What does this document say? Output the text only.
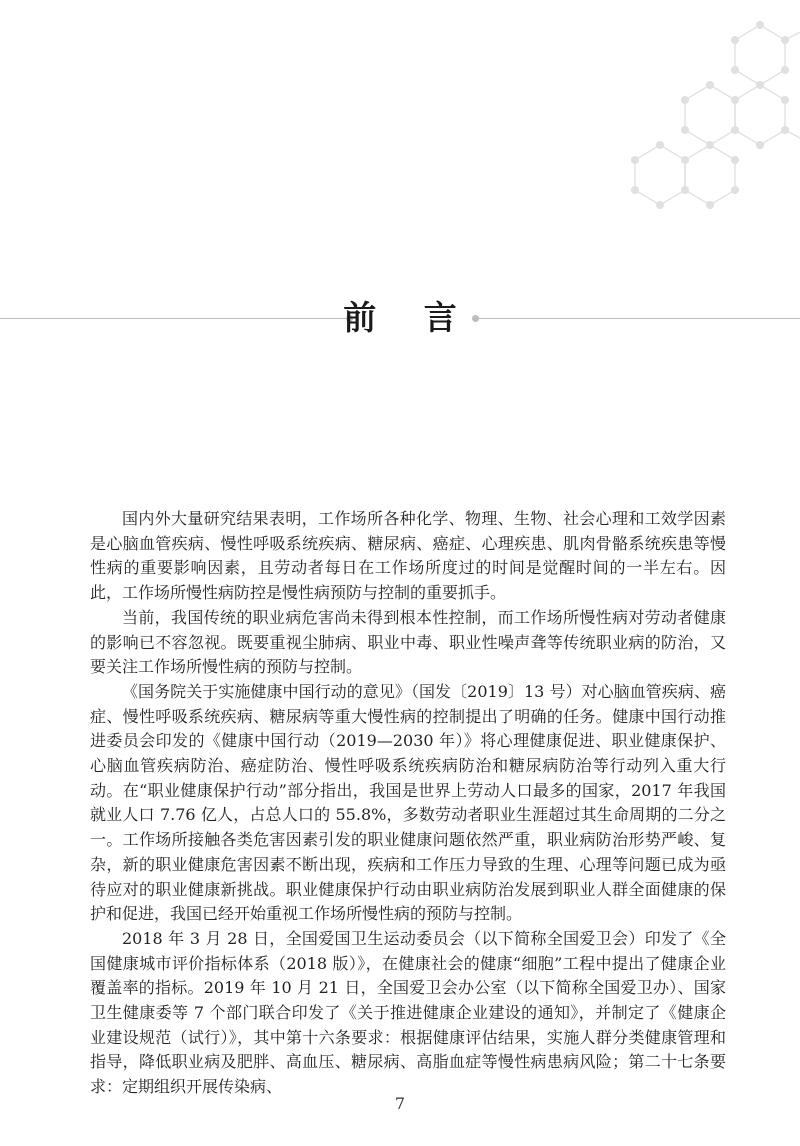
前 言

国内外大量研究结果表明，工作场所各种化学、物理、生物、社会心理和工效学因素是心脑血管疾病、慢性呼吸系统疾病、糖尿病、癌症、心理疾患、肌肉骨骼系统疾患等慢性病的重要影响因素，且劳动者每日在工作场所度过的时间是觉醒时间的一半左右。因此，工作场所慢性病防控是慢性病预防与控制的重要抓手。

当前，我国传统的职业病危害尚未得到根本性控制，而工作场所慢性病对劳动者健康的影响已不容忽视。既要重视尘肺病、职业中毒、职业性噪声聋等传统职业病的防治，又要关注工作场所慢性病的预防与控制。

《国务院关于实施健康中国行动的意见》（国发〔2019〕13 号）对心脑血管疾病、癌症、慢性呼吸系统疾病、糖尿病等重大慢性病的控制提出了明确的任务。健康中国行动推进委员会印发的《健康中国行动（2019—2030 年）》将心理健康促进、职业健康保护、心脑血管疾病防治、癌症防治、慢性呼吸系统疾病防治和糖尿病防治等行动列入重大行动。在“职业健康保护行动”部分指出，我国是世界上劳动人口最多的国家，2017 年我国就业人口 7.76 亿人，占总人口的 55.8%，多数劳动者职业生涯超过其生命周期的二分之一。工作场所接触各类危害因素引发的职业健康问题依然严重，职业病防治形势严峻、复杂，新的职业健康危害因素不断出现，疾病和工作压力导致的生理、心理等问题已成为亟待应对的职业健康新挑战。职业健康保护行动由职业病防治发展到职业人群全面健康的保护和促进，我国已经开始重视工作场所慢性病的预防与控制。

2018 年 3 月 28 日，全国爱国卫生运动委员会（以下简称全国爱卫会）印发了《全国健康城市评价指标体系（2018 版）》，在健康社会的健康“细胞”工程中提出了健康企业覆盖率的指标。2019 年 10 月 21 日，全国爱卫会办公室（以下简称全国爱卫办）、国家卫生健康委等 7 个部门联合印发了《关于推进健康企业建设的通知》，并制定了《健康企业建设规范（试行）》，其中第十六条要求：根据健康评估结果，实施人群分类健康管理和指导，降低职业病及肥胖、高血压、糖尿病、高脂血症等慢性病患病风险；第二十七条要求：定期组织开展传染病、

7
